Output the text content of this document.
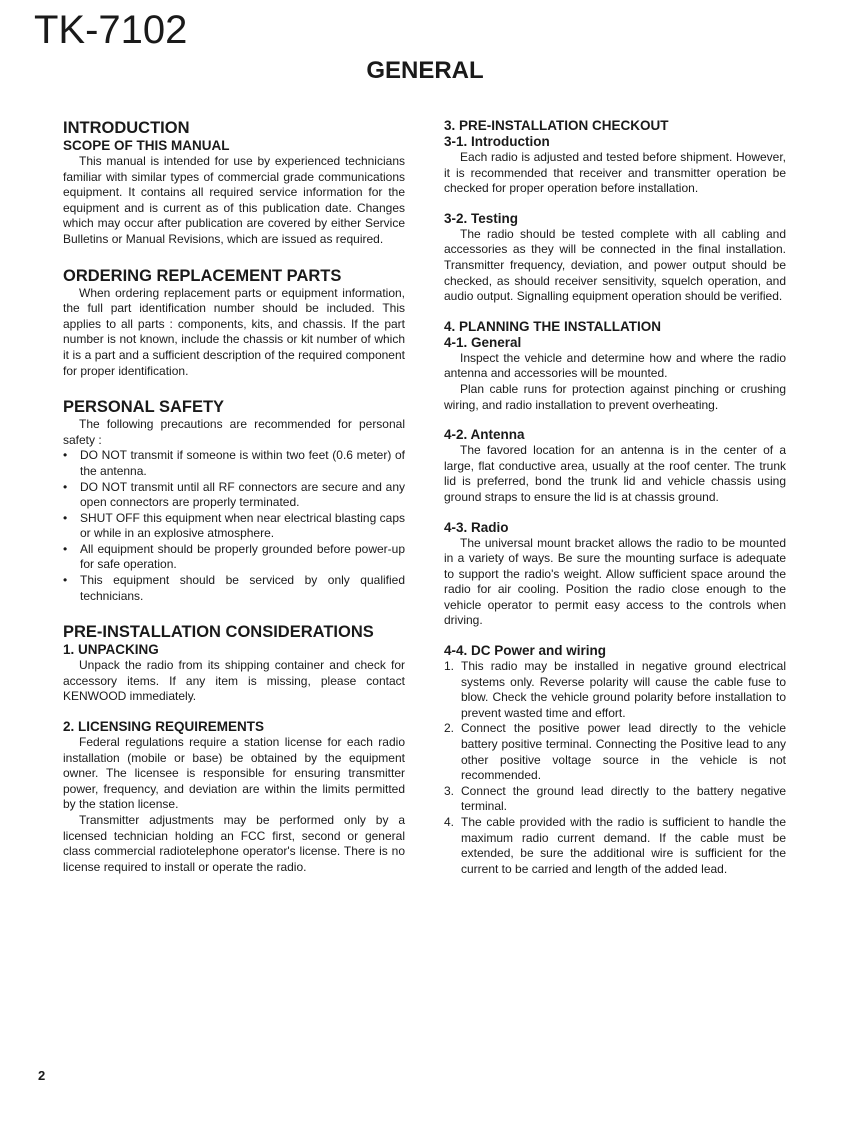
TK-7102
GENERAL
INTRODUCTION
SCOPE OF THIS MANUAL

This manual is intended for use by experienced technicians familiar with similar types of commercial grade communications equipment. It contains all required service information for the equipment and is current as of this publication date. Changes which may occur after publication are covered by either Service Bulletins or Manual Revisions, which are issued as required.

ORDERING REPLACEMENT PARTS

When ordering replacement parts or equipment information, the full part identification number should be included. This applies to all parts : components, kits, and chassis. If the part number is not known, include the chassis or kit number of which it is a part and a sufficient description of the required component for proper identification.

PERSONAL SAFETY

The following precautions are recommended for personal safety :

• DO NOT transmit if someone is within two feet (0.6 meter) of the antenna.
• DO NOT transmit until all RF connectors are secure and any open connectors are properly terminated.
• SHUT OFF this equipment when near electrical blasting caps or while in an explosive atmosphere.
• All equipment should be properly grounded before power-up for safe operation.
• This equipment should be serviced by only qualified technicians.
PRE-INSTALLATION CONSIDERATIONS
1. UNPACKING

Unpack the radio from its shipping container and check for accessory items. If any item is missing, please contact KENWOOD immediately.

2. LICENSING REQUIREMENTS

Federal regulations require a station license for each radio installation (mobile or base) be obtained by the equipment owner. The licensee is responsible for ensuring transmitter power, frequency, and deviation are within the limits permitted by the station license.

Transmitter adjustments may be performed only by a licensed technician holding an FCC first, second or general class commercial radiotelephone operator's license. There is no license required to install or operate the radio.

3. PRE-INSTALLATION CHECKOUT
3-1. Introduction

Each radio is adjusted and tested before shipment. However, it is recommended that receiver and transmitter operation be checked for proper operation before installation.

3-2. Testing

The radio should be tested complete with all cabling and accessories as they will be connected in the final installation. Transmitter frequency, deviation, and power output should be checked, as should receiver sensitivity, squelch operation, and audio output. Signalling equipment operation should be verified.

4. PLANNING THE INSTALLATION
4-1. General

Inspect the vehicle and determine how and where the radio antenna and accessories will be mounted.

Plan cable runs for protection against pinching or crushing wiring, and radio installation to prevent overheating.

4-2. Antenna

The favored location for an antenna is in the center of a large, flat conductive area, usually at the roof center. The trunk lid is preferred, bond the trunk lid and vehicle chassis using ground straps to ensure the lid is at chassis ground.

4-3. Radio

The universal mount bracket allows the radio to be mounted in a variety of ways. Be sure the mounting surface is adequate to support the radio's weight. Allow sufficient space around the radio for air cooling. Position the radio close enough to the vehicle operator to permit easy access to the controls when driving.

4-4. DC Power and wiring
1. This radio may be installed in negative ground electrical systems only. Reverse polarity will cause the cable fuse to blow. Check the vehicle ground polarity before installation to prevent wasted time and effort.
2. Connect the positive power lead directly to the vehicle battery positive terminal. Connecting the Positive lead to any other positive voltage source in the vehicle is not recommended.
3. Connect the ground lead directly to the battery negative terminal.
4. The cable provided with the radio is sufficient to handle the maximum radio current demand. If the cable must be extended, be sure the additional wire is sufficient for the current to be carried and length of the added lead.

2
